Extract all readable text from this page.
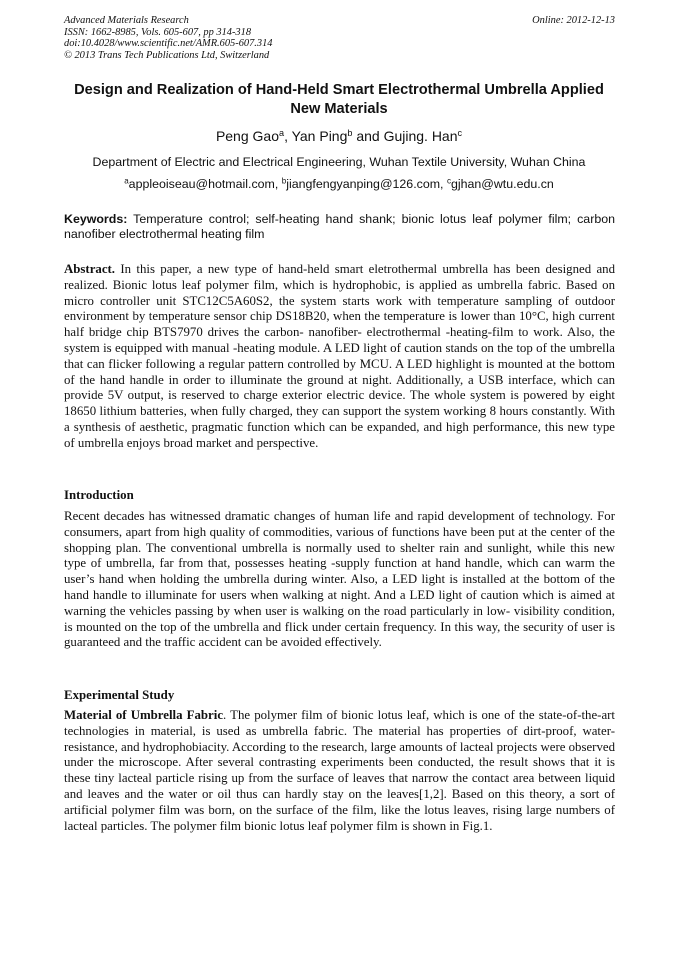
Advanced Materials Research
ISSN: 1662-8985, Vols. 605-607, pp 314-318
doi:10.4028/www.scientific.net/AMR.605-607.314
© 2013 Trans Tech Publications Ltd, Switzerland
Online: 2012-12-13
Design and Realization of Hand-Held Smart Electrothermal Umbrella Applied New Materials
Peng Gao$^a$, Yan Ping$^b$ and Gujing. Han$^c$
Department of Electric and Electrical Engineering, Wuhan Textile University, Wuhan China
$^a$appleoiseau@hotmail.com, $^b$jiangfengyanping@126.com, $^c$gjhan@wtu.edu.cn
Keywords: Temperature control; self-heating hand shank; bionic lotus leaf polymer film; carbon nanofiber electrothermal heating film

Abstract. In this paper, a new type of hand-held smart eletrothermal umbrella has been designed and realized. Bionic lotus leaf polymer film, which is hydrophobic, is applied as umbrella fabric. Based on micro controller unit STC12C5A60S2, the system starts work with temperature sampling of outdoor environment by temperature sensor chip DS18B20, when the temperature is lower than 10°C, high current half bridge chip BTS7970 drives the carbon- nanofiber- electrothermal -heating-film to work. Also, the system is equipped with manual -heating module. A LED light of caution stands on the top of the umbrella that can flicker following a regular pattern controlled by MCU. A LED highlight is mounted at the bottom of the hand handle in order to illuminate the ground at night. Additionally, a USB interface, which can provide 5V output, is reserved to charge exterior electric device. The whole system is powered by eight 18650 lithium batteries, when fully charged, they can support the system working 8 hours constantly. With a synthesis of aesthetic, pragmatic function which can be expanded, and high performance, this new type of umbrella enjoys broad market and perspective.

Introduction

Recent decades has witnessed dramatic changes of human life and rapid development of technology. For consumers, apart from high quality of commodities, various of functions have been put at the center of the shopping plan. The conventional umbrella is normally used to shelter rain and sunlight, while this new type of umbrella, far from that, possesses heating -supply function at hand handle, which can warm the user’s hand when holding the umbrella during winter. Also, a LED light is installed at the bottom of the hand handle to illuminate for users when walking at night. And a LED light of caution which is aimed at warning the vehicles passing by when user is walking on the road particularly in low- visibility condition, is mounted on the top of the umbrella and flick under certain frequency. In this way, the security of user is guaranteed and the traffic accident can be avoided effectively.

Experimental Study

Material of Umbrella Fabric. The polymer film of bionic lotus leaf, which is one of the state-of-the-art technologies in material, is used as umbrella fabric. The material has properties of dirt-proof, water-resistance, and hydrophobiacity. According to the research, large amounts of lacteal projects were observed under the microscope. After several contrasting experiments been conducted, the result shows that it is these tiny lacteal particle rising up from the surface of leaves that narrow the contact area between liquid and leaves and the water or oil thus can hardly stay on the leaves[1,2]. Based on this theory, a sort of artificial polymer film was born, on the surface of the film, like the lotus leaves, rising large numbers of lacteal particles. The polymer film bionic lotus leaf polymer film is shown in Fig.1.
